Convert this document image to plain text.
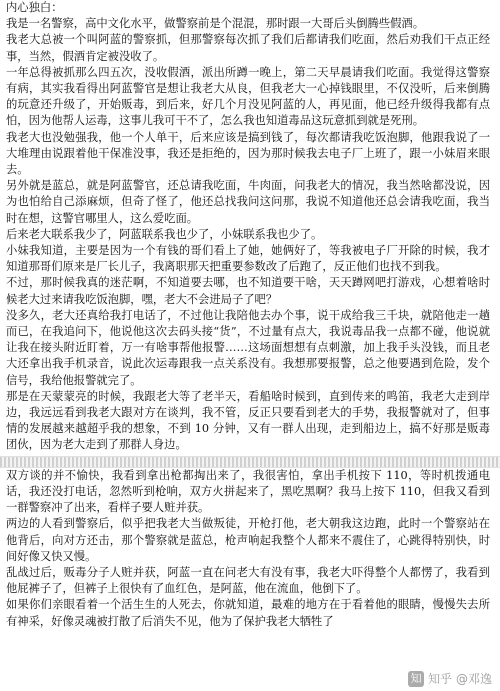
内心独白：

我是一名警察，高中文化水平，做警察前是个混混，那时跟一大哥后头倒腾些假酒。

我老大总被一个叫阿蓝的警察抓，但那警察每次抓了我们后都请我们吃面，然后劝我们干点正经事，当然，假酒肯定被没收了。

一年总得被抓那么四五次，没收假酒，派出所蹲一晚上，第二天早晨请我们吃面。我觉得这警察有病，其实我看得出阿蓝警官是想让我老大从良，但我老大一心掉钱眼里，不仅没听，后来倒腾的玩意还升级了，开始贩毒，到后来，好几个月没见阿蓝的人，再见面，他已经升级得我都有点怕，因为他帮人运毒，这事儿我可干不了，怎么我也知道毒品这玩意抓到就是死刑。

我老大也没勉强我，他一个人单干，后来应该是搞到钱了，每次都请我吃饭泡脚，他跟我说了一大堆理由说跟着他干保准没事，我还是拒绝的，因为那时候我去电子厂上班了，跟一小妹眉来眼去。

另外就是蓝总，就是阿蓝警官，还总请我吃面，牛肉面，问我老大的情况，我当然啥都没说，因为也怕给自己添麻烦，但奇了怪了，他还总找我问这问那，我说不知道他还总会请我吃面，我当时在想，这警官哪里人，这么爱吃面。

后来老大联系我少了，阿蓝联系我也少了，小妹联系我也少了。

小妹我知道，主要是因为一个有钱的哥们看上了她，她俩好了，等我被电子厂开除的时候，我才知道那哥们原来是厂长儿子，我离职那天把重要参数改了后跑了，反正他们也找不到我。

不过，那时候我真的迷茫啊，不知道要去哪，也不知道要干啥，天天蹲网吧打游戏，心想着啥时候老大过来请我吃饭泡脚，嘿，老大不会进局子了吧？

没多久，老大还真给我打电话了，不过他让我陪他去办个事，说干成给我三千块，就陪他走一趟而已，在我追问下，他说他这次去码头接“货”，不过量有点大，我说毒品我一点都不碰，他说就让我在接头附近盯着，万一有啥事帮他报警……这场面想想有点刺激，加上我手头没钱，而且老大还拿出我手机录音，说此次运毒跟我一点关系没有。我想那要报警，总之他要遇到危险，发个信号，我给他报警就完了。

那是在天蒙蒙亮的时候，我跟老大等了老半天，看船啥时候到，直到传来的鸣笛，我老大走到岸边，我远远看到我老大跟对方在谈判，我不管，反正只要看到老大的手势，我报警就对了，但事情的发展越来越超乎我的想象，不到 10 分钟，又有一群人出现，走到船边上，搞不好那是贩毒团伙，因为老大走到了那群人身边。

双方谈的并不愉快，我看到拿出枪都掏出来了，我很害怕，拿出手机按下 110，等时机拨通电话，我还没打电话，忽然听到枪响，双方火拼起来了，黑吃黑啊？我马上按下 110，但我又看到一群警察冲了出来，看样子要人赃并获。

两边的人看到警察后，似乎把我老大当做叛徒，开枪打他，老大朝我这边跑，此时一个警察站在他背后，向对方还击，那个警察就是蓝总，枪声响起我整个人都来不震住了，心跳得特别快，时间好像又快又慢。

乱战过后，贩毒分子人赃并获，阿蓝一直在问老大有没有事，我老大吓得整个人都愣了，我看到他屁裤子了，但裤子上很快有了血红色，是阿蓝，他在流血，他倒下了。

如果你们亲眼看着一个活生生的人死去，你就知道，最难的地方在于看着他的眼睛，慢慢失去所有神采，好像灵魂被打散了后消失不见，他为了保护我老大牺牲了

知 知乎 @邓逸
